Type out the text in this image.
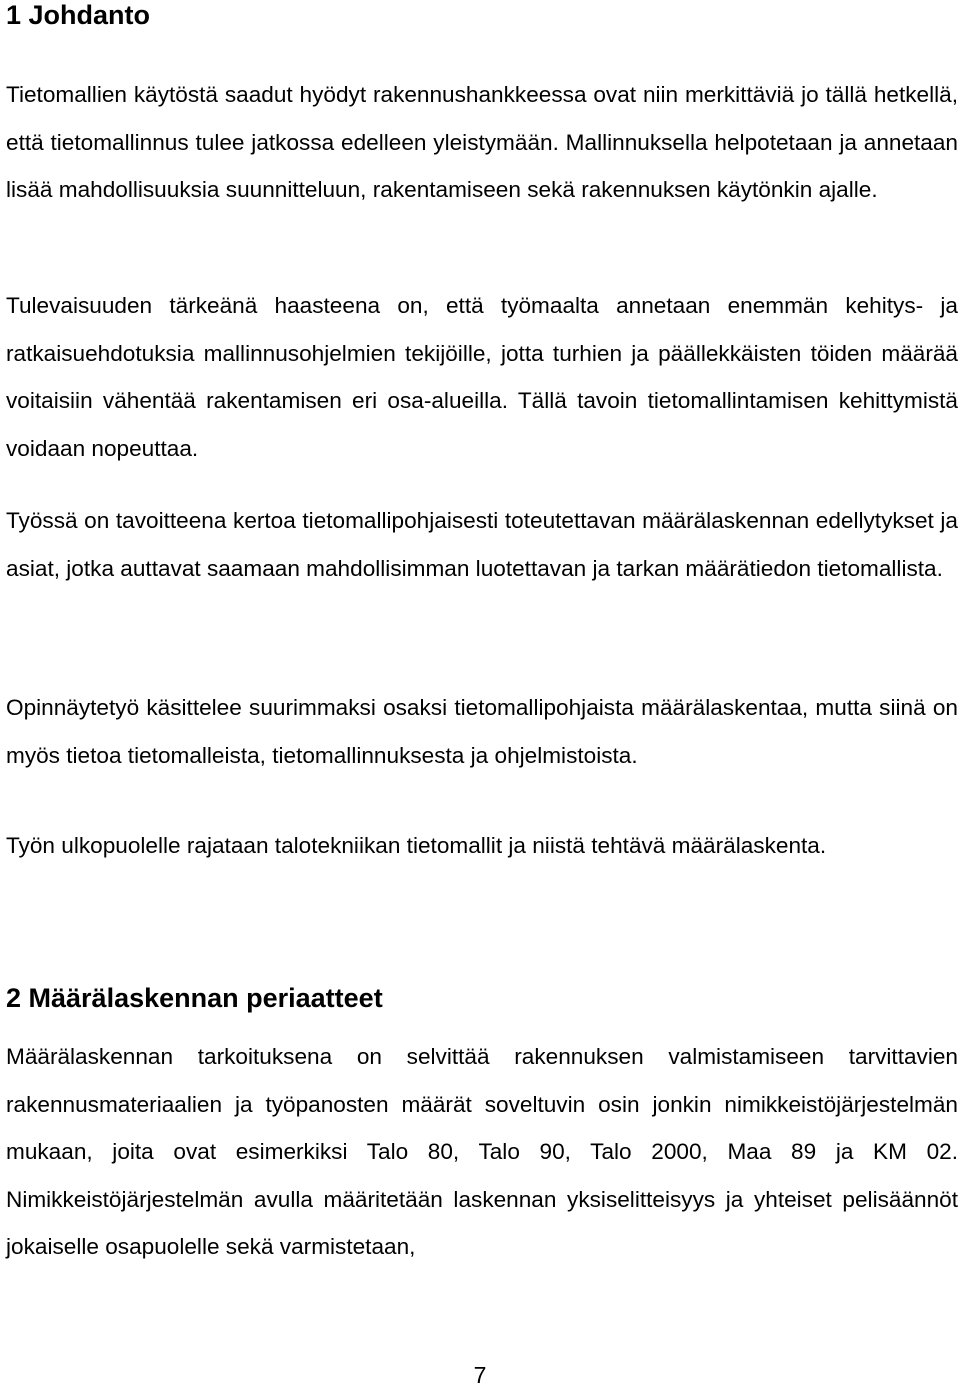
1 Johdanto

Tietomallien käytöstä saadut hyödyt rakennushankkeessa ovat niin merkittäviä jo tällä hetkellä, että tietomallinnus tulee jatkossa edelleen yleistymään. Mallinnuksella helpotetaan ja annetaan lisää mahdollisuuksia suunnitteluun, rakentamiseen sekä rakennuksen käytönkin ajalle.

Tulevaisuuden tärkeänä haasteena on, että työmaalta annetaan enemmän kehitys- ja ratkaisuehdotuksia mallinnusohjelmien tekijöille, jotta turhien ja päällekkäisten töiden määrää voitaisiin vähentää rakentamisen eri osa-alueilla. Tällä tavoin tietomallintamisen kehittymistä voidaan nopeuttaa.

Työssä on tavoitteena kertoa tietomallipohjaisesti toteutettavan määrälaskennan edellytykset ja asiat, jotka auttavat saamaan mahdollisimman luotettavan ja tarkan määrätiedon tietomallista.

Opinnäytetyö käsittelee suurimmaksi osaksi tietomallipohjaista määrälaskentaa, mutta siinä on myös tietoa tietomalleista, tietomallinnuksesta ja ohjelmistoista.

Työn ulkopuolelle rajataan talotekniikan tietomallit ja niistä tehtävä määrälaskenta.

2 Määrälaskennan periaatteet

Määrälaskennan tarkoituksena on selvittää rakennuksen valmistamiseen tarvittavien rakennusmateriaalien ja työpanosten määrät soveltuvin osin jonkin nimikkeistöjärjestelmän mukaan, joita ovat esimerkiksi Talo 80, Talo 90, Talo 2000, Maa 89 ja KM 02. Nimikkeistöjärjestelmän avulla määritetään laskennan yksiselitteisyys ja yhteiset pelisäännöt jokaiselle osapuolelle sekä varmistetaan,

7
